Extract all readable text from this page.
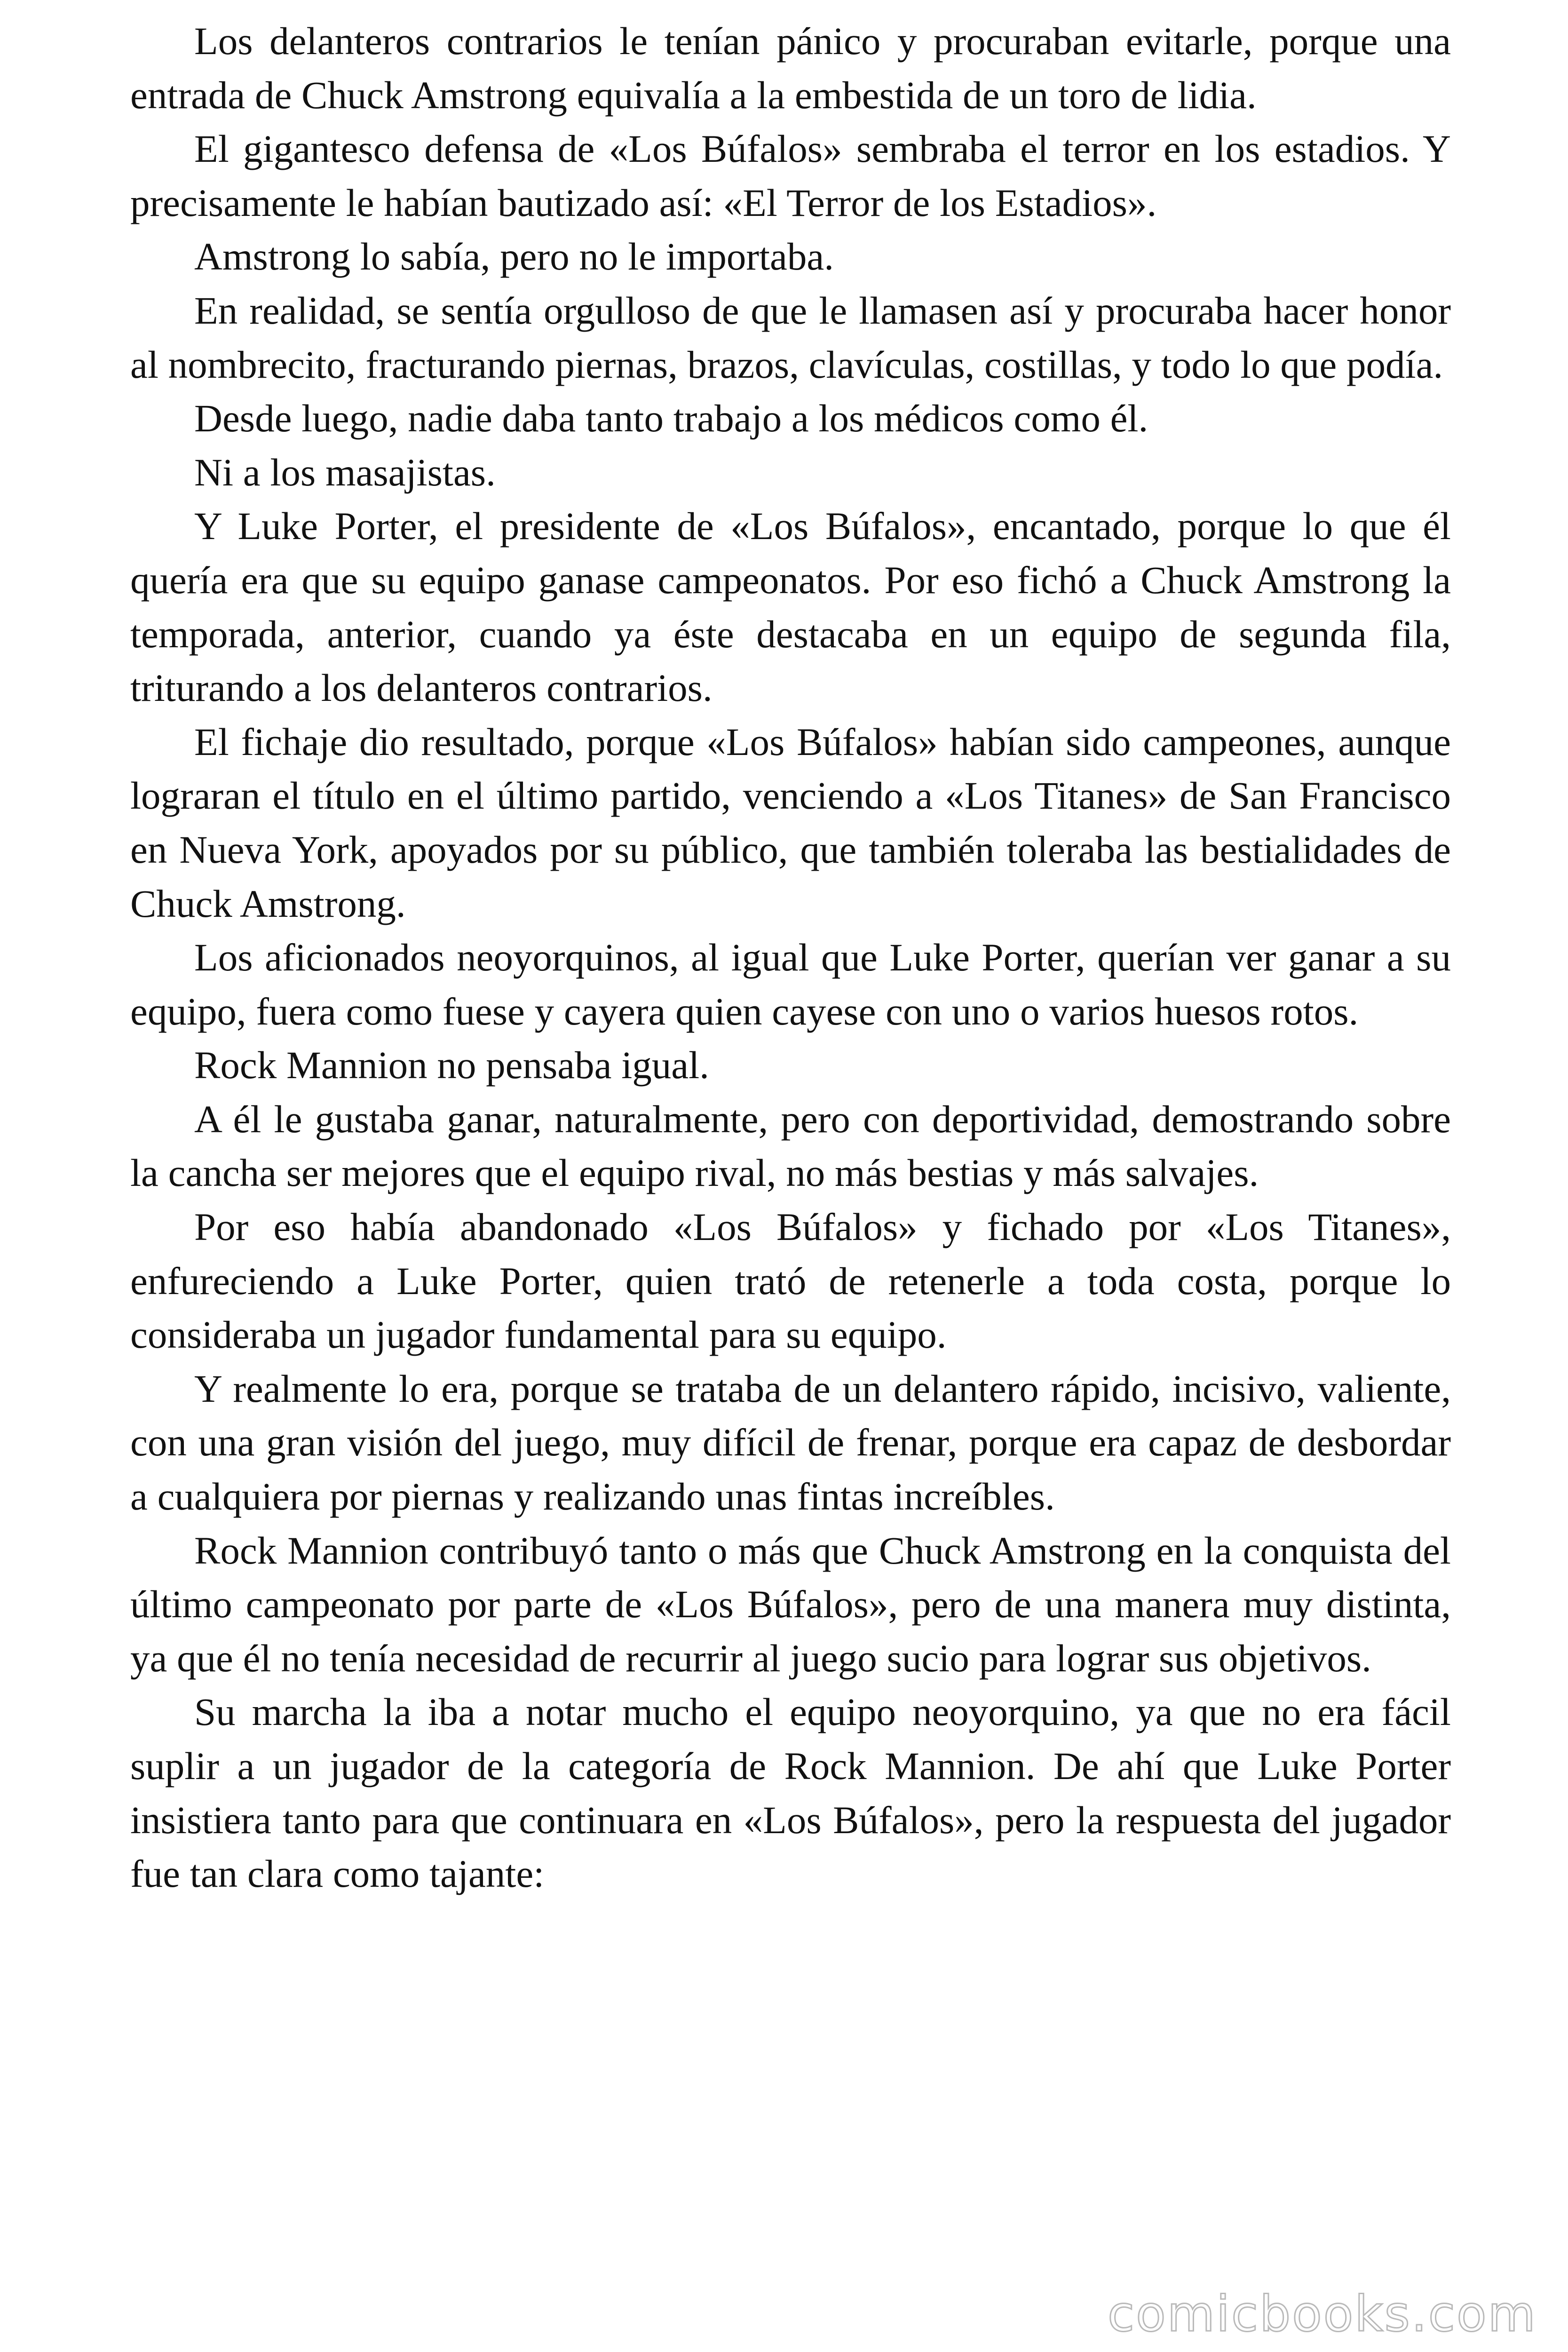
Los delanteros contrarios le tenían pánico y procuraban evitarle, porque una entrada de Chuck Amstrong equivalía a la embestida de un toro de lidia.

El gigantesco defensa de «Los Búfalos» sembraba el terror en los estadios. Y precisamente le habían bautizado así: «El Terror de los Estadios».

Amstrong lo sabía, pero no le importaba.

En realidad, se sentía orgulloso de que le llamasen así y procuraba hacer honor al nombrecito, fracturando piernas, brazos, clavículas, costillas, y todo lo que podía.

Desde luego, nadie daba tanto trabajo a los médicos como él.

Ni a los masajistas.

Y Luke Porter, el presidente de «Los Búfalos», encantado, porque lo que él quería era que su equipo ganase campeonatos. Por eso fichó a Chuck Amstrong la temporada, anterior, cuando ya éste destacaba en un equipo de segunda fila, triturando a los delanteros contrarios.

El fichaje dio resultado, porque «Los Búfalos» habían sido campeones, aunque lograran el título en el último partido, venciendo a «Los Titanes» de San Francisco en Nueva York, apoyados por su público, que también toleraba las bestialidades de Chuck Amstrong.

Los aficionados neoyorquinos, al igual que Luke Porter, querían ver ganar a su equipo, fuera como fuese y cayera quien cayese con uno o varios huesos rotos.

Rock Mannion no pensaba igual.

A él le gustaba ganar, naturalmente, pero con deportividad, demostrando sobre la cancha ser mejores que el equipo rival, no más bestias y más salvajes.

Por eso había abandonado «Los Búfalos» y fichado por «Los Titanes», enfureciendo a Luke Porter, quien trató de retenerle a toda costa, porque lo consideraba un jugador fundamental para su equipo.

Y realmente lo era, porque se trataba de un delantero rápido, incisivo, valiente, con una gran visión del juego, muy difícil de frenar, porque era capaz de desbordar a cualquiera por piernas y realizando unas fintas increíbles.

Rock Mannion contribuyó tanto o más que Chuck Amstrong en la conquista del último campeonato por parte de «Los Búfalos», pero de una manera muy distinta, ya que él no tenía necesidad de recurrir al juego sucio para lograr sus objetivos.

Su marcha la iba a notar mucho el equipo neoyorquino, ya que no era fácil suplir a un jugador de la categoría de Rock Mannion. De ahí que Luke Porter insistiera tanto para que continuara en «Los Búfalos», pero la respuesta del jugador fue tan clara como tajante:

comicbooks.com
